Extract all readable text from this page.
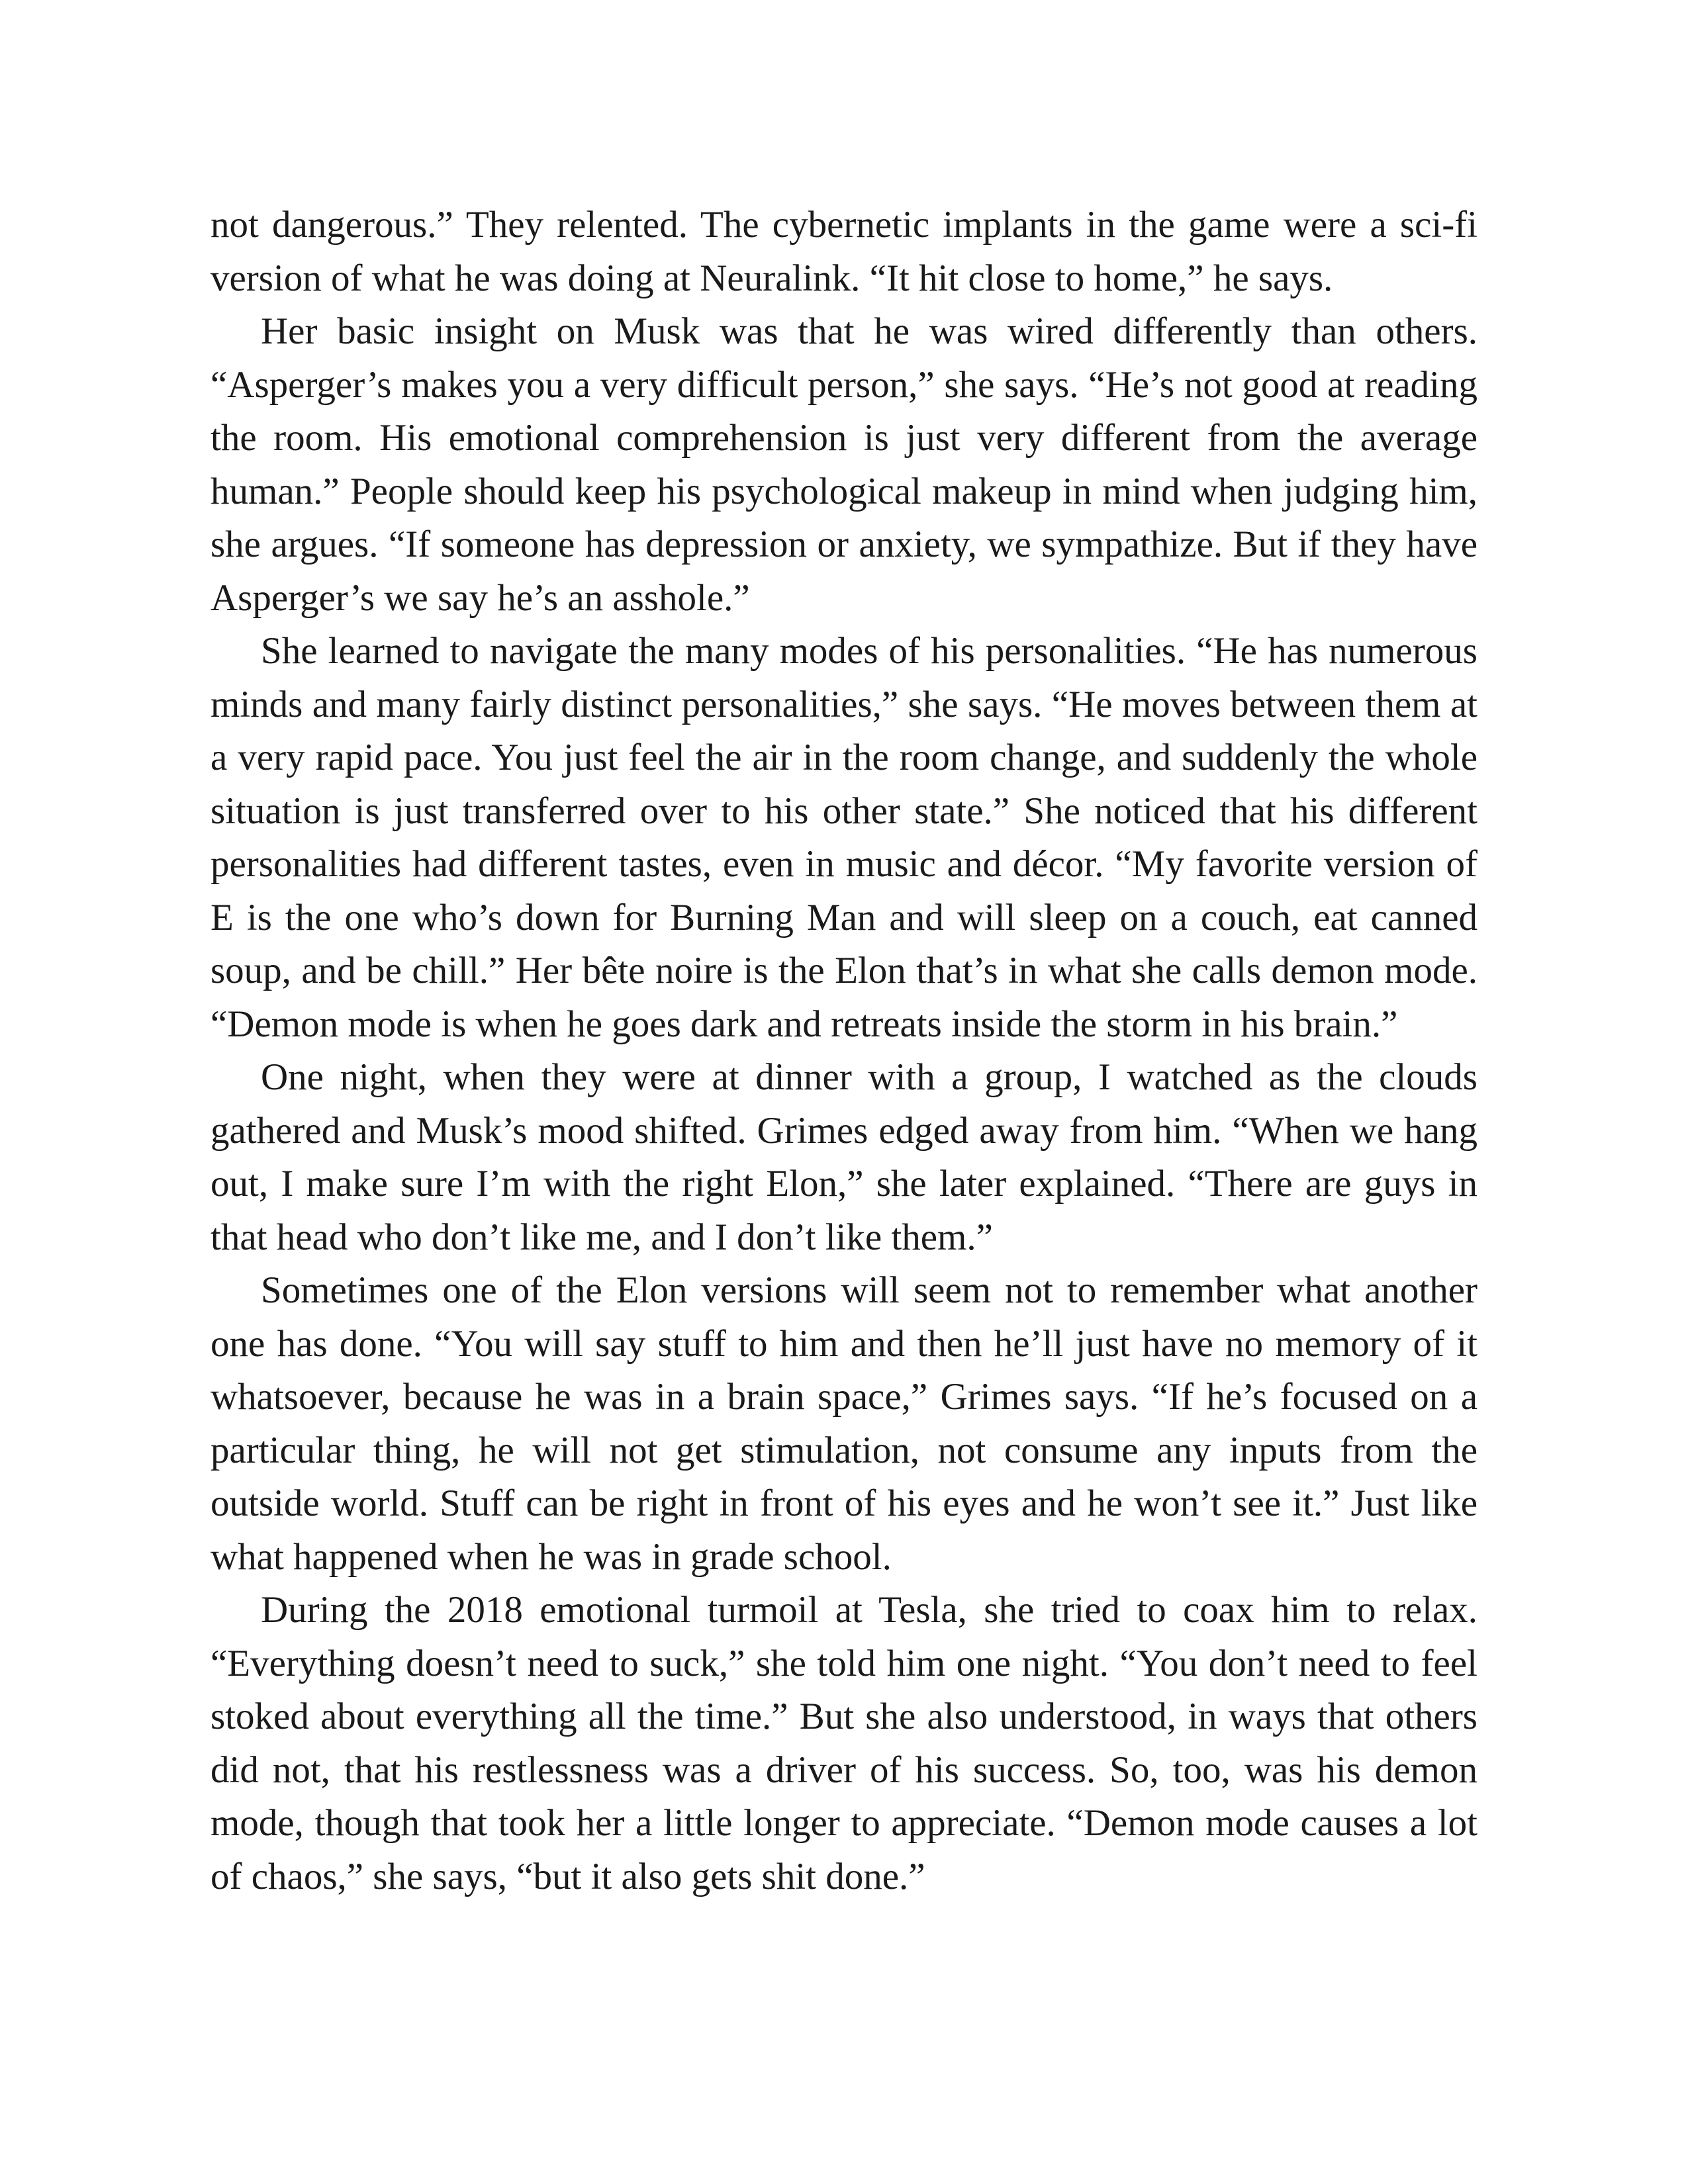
not dangerous.” They relented. The cybernetic implants in the game were a sci-fi version of what he was doing at Neuralink. “It hit close to home,” he says.

Her basic insight on Musk was that he was wired differently than others. “Asperger’s makes you a very difficult person,” she says. “He’s not good at reading the room. His emotional comprehension is just very different from the average human.” People should keep his psychological makeup in mind when judging him, she argues. “If someone has depression or anxiety, we sympathize. But if they have Asperger’s we say he’s an asshole.”

She learned to navigate the many modes of his personalities. “He has numerous minds and many fairly distinct personalities,” she says. “He moves between them at a very rapid pace. You just feel the air in the room change, and suddenly the whole situation is just transferred over to his other state.” She noticed that his different personalities had different tastes, even in music and décor. “My favorite version of E is the one who’s down for Burning Man and will sleep on a couch, eat canned soup, and be chill.” Her bête noire is the Elon that’s in what she calls demon mode. “Demon mode is when he goes dark and retreats inside the storm in his brain.”

One night, when they were at dinner with a group, I watched as the clouds gathered and Musk’s mood shifted. Grimes edged away from him. “When we hang out, I make sure I’m with the right Elon,” she later explained. “There are guys in that head who don’t like me, and I don’t like them.”

Sometimes one of the Elon versions will seem not to remember what another one has done. “You will say stuff to him and then he’ll just have no memory of it whatsoever, because he was in a brain space,” Grimes says. “If he’s focused on a particular thing, he will not get stimulation, not consume any inputs from the outside world. Stuff can be right in front of his eyes and he won’t see it.” Just like what happened when he was in grade school.

During the 2018 emotional turmoil at Tesla, she tried to coax him to relax. “Everything doesn’t need to suck,” she told him one night. “You don’t need to feel stoked about everything all the time.” But she also understood, in ways that others did not, that his restlessness was a driver of his success. So, too, was his demon mode, though that took her a little longer to appreciate. “Demon mode causes a lot of chaos,” she says, “but it also gets shit done.”
